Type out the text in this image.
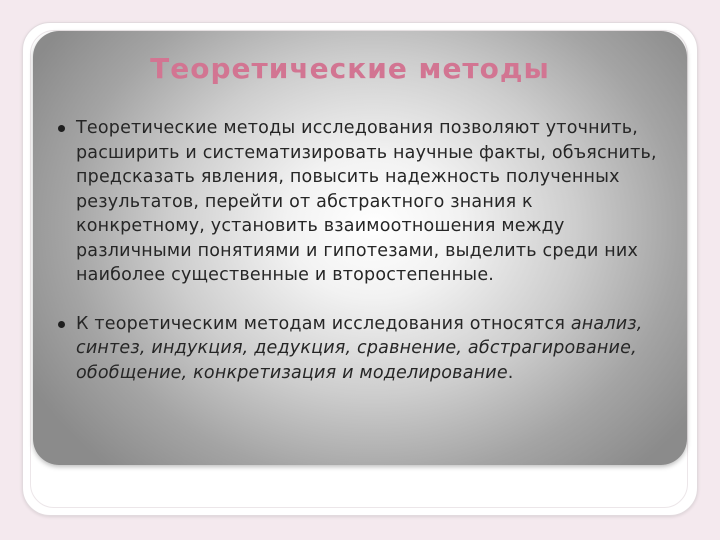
Теоретические методы

Теоретические методы исследования позволяют уточнить, расширить и систематизировать научные факты, объяснить, предсказать явления, повысить надежность полученных результатов, перейти от абстрактного знания к конкретному, установить взаимоотношения между различными понятиями и гипотезами, выделить среди них наиболее существенные и второстепенные.

К теоретическим методам исследования относятся анализ, синтез, индукция, дедукция, сравнение, абстрагирование, обобщение, конкретизация и моделирование.
